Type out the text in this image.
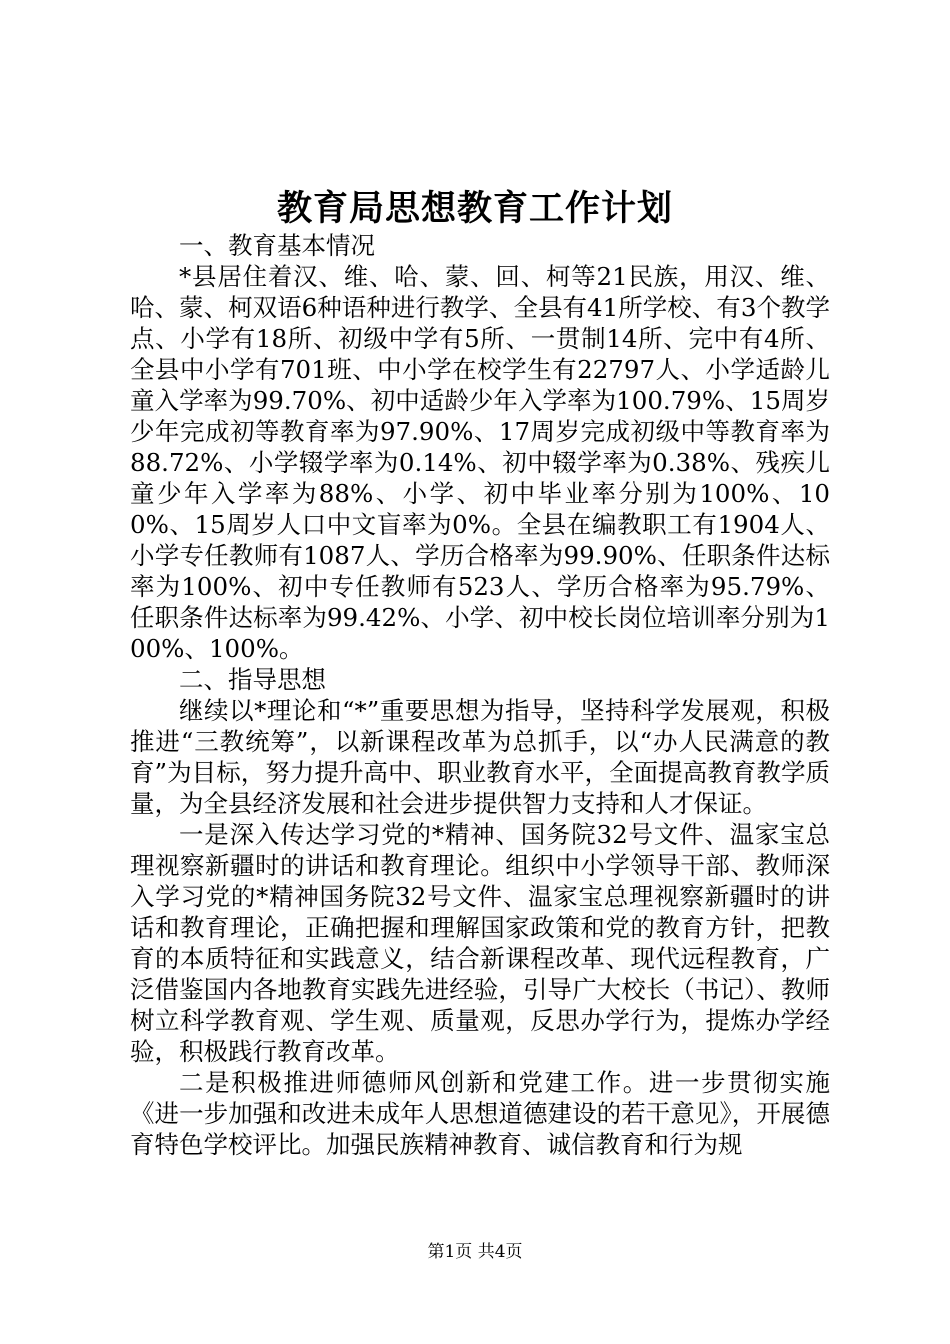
教育局思想教育工作计划

一、教育基本情况

*县居住着汉、维、哈、蒙、回、柯等21民族，用汉、维、哈、蒙、柯双语6种语种进行教学、全县有41所学校、有3个教学点、小学有18所、初级中学有5所、一贯制14所、完中有4所、全县中小学有701班、中小学在校学生有22797人、小学适龄儿童入学率为99.70%、初中适龄少年入学率为100.79%、15周岁少年完成初等教育率为97.90%、17周岁完成初级中等教育率为88.72%、小学辍学率为0.14%、初中辍学率为0.38%、残疾儿童少年入学率为88%、小学、初中毕业率分别为100%、100%、15周岁人口中文盲率为0%。全县在编教职工有1904人、小学专任教师有1087人、学历合格率为99.90%、任职条件达标率为100%、初中专任教师有523人、学历合格率为95.79%、任职条件达标率为99.42%、小学、初中校长岗位培训率分别为100%、100%。

二、指导思想

继续以*理论和“*”重要思想为指导，坚持科学发展观，积极推进“三教统筹”，以新课程改革为总抓手，以“办人民满意的教育”为目标，努力提升高中、职业教育水平，全面提高教育教学质量，为全县经济发展和社会进步提供智力支持和人才保证。

一是深入传达学习党的*精神、国务院32号文件、温家宝总理视察新疆时的讲话和教育理论。组织中小学领导干部、教师深入学习党的*精神国务院32号文件、温家宝总理视察新疆时的讲话和教育理论，正确把握和理解国家政策和党的教育方针，把教育的本质特征和实践意义，结合新课程改革、现代远程教育，广泛借鉴国内各地教育实践先进经验，引导广大校长（书记）、教师树立科学教育观、学生观、质量观，反思办学行为，提炼办学经验，积极践行教育改革。

二是积极推进师德师风创新和党建工作。进一步贯彻实施《进一步加强和改进未成年人思想道德建设的若干意见》，开展德育特色学校评比。加强民族精神教育、诚信教育和行为规

第1页 共4页
